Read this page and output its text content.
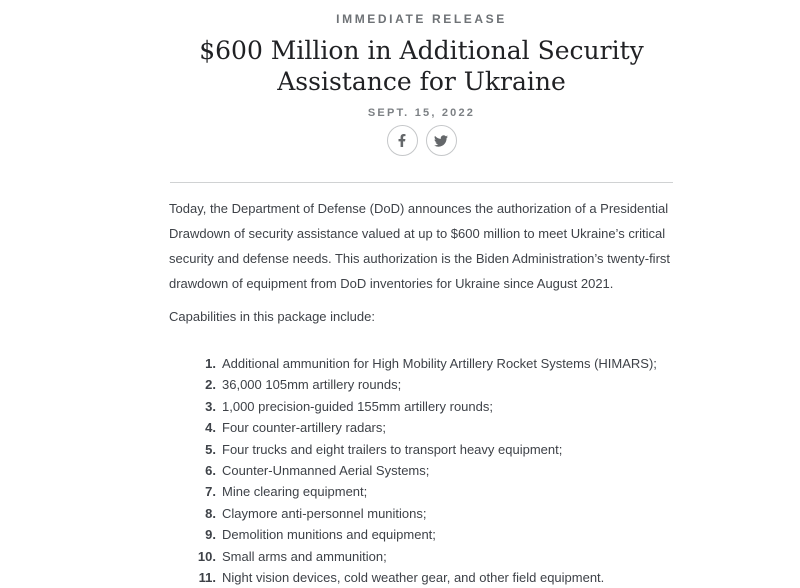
IMMEDIATE RELEASE
$600 Million in Additional Security
Assistance for Ukraine
SEPT. 15, 2022

Today, the Department of Defense (DoD) announces the authorization of a Presidential Drawdown of security assistance valued at up to $600 million to meet Ukraine’s critical security and defense needs. This authorization is the Biden Administration’s twenty-first drawdown of equipment from DoD inventories for Ukraine since August 2021.

Capabilities in this package include:

1. Additional ammunition for High Mobility Artillery Rocket Systems (HIMARS);
2. 36,000 105mm artillery rounds;
3. 1,000 precision-guided 155mm artillery rounds;
4. Four counter-artillery radars;
5. Four trucks and eight trailers to transport heavy equipment;
6. Counter-Unmanned Aerial Systems;
7. Mine clearing equipment;
8. Claymore anti-personnel munitions;
9. Demolition munitions and equipment;
10. Small arms and ammunition;
11. Night vision devices, cold weather gear, and other field equipment.
